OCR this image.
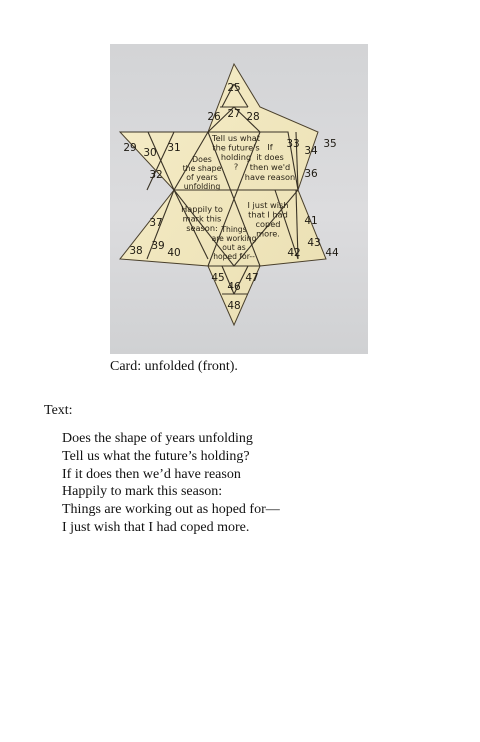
25
26 27 28
29 30 31
32
33
34
35
36
37
38 39
40
41
42
43
44
45
46
47
48
Tell us what
the future's
holding
?
Does
the shape
of years
unfolding
If
it does
then we'd
have reason
Happily to
mark this
season:
I just wish
that I had
coped
more.
Things
are working
out as
hoped for--
Card: unfolded (front).
Text:
Does the shape of years unfolding
Tell us what the future’s holding?
If it does then we’d have reason
Happily to mark this season:
Things are working out as hoped for—
I just wish that I had coped more.
